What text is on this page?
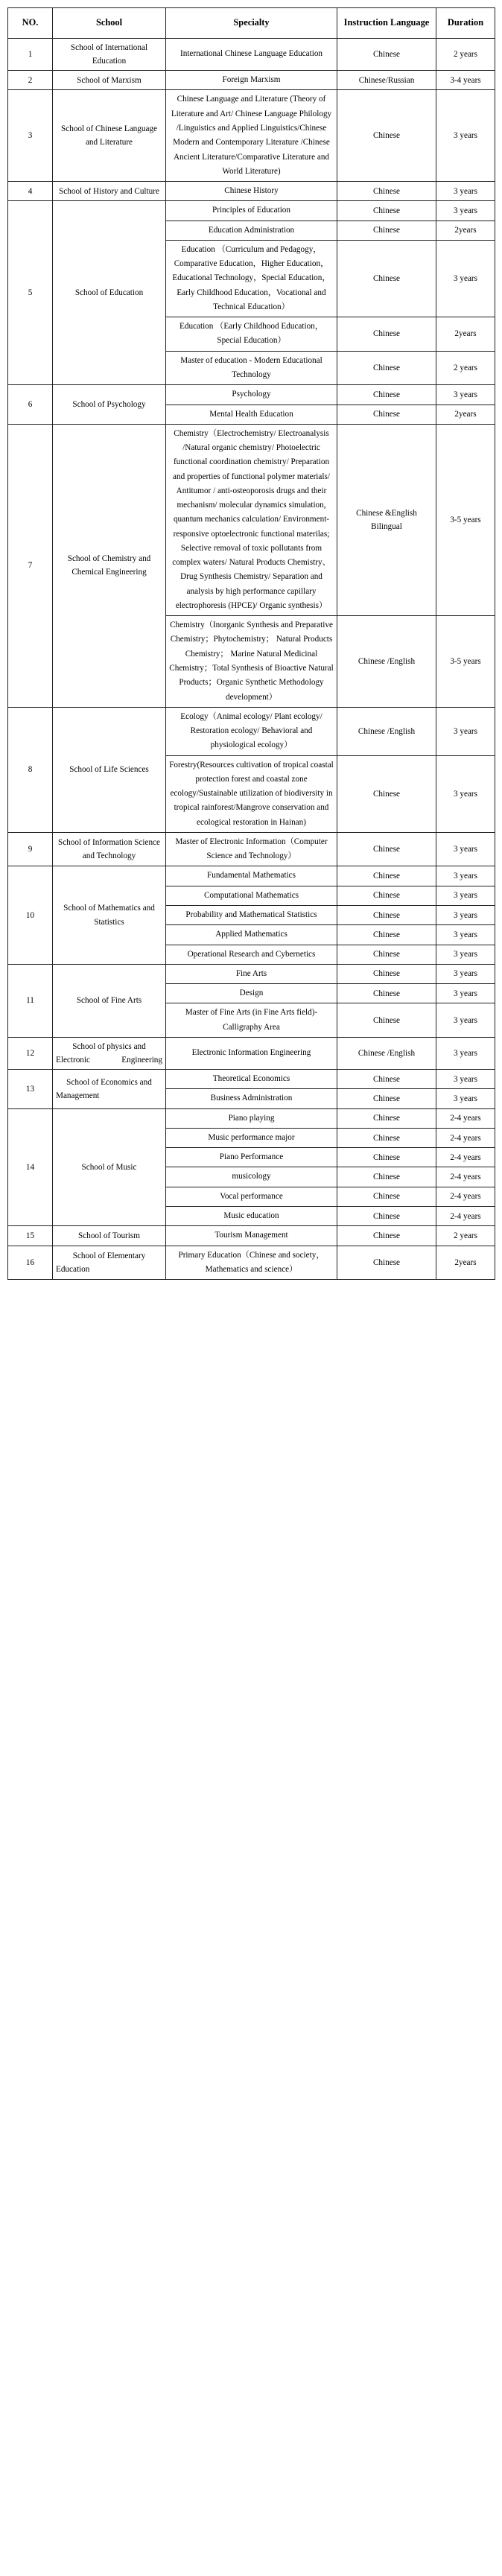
NO.	School	Specialty	Instruction Language	Duration
1	School of International Education	International Chinese Language Education	Chinese	2 years
2	School of Marxism	Foreign Marxism	Chinese/Russian	3-4 years
3	School of Chinese Language and Literature	Chinese Language and Literature (Theory of Literature and Art/ Chinese Language Philology /Linguistics and Applied Linguistics/Chinese Modern and Contemporary Literature /Chinese Ancient Literature/Comparative Literature and World Literature)	Chinese	3 years
4	School of History and Culture	Chinese History	Chinese	3 years
5	School of Education	Principles of Education	Chinese	3 years
		Education Administration	Chinese	2years
		Education （Curriculum and Pedagogy，Comparative Education，Higher Education，Educational Technology，Special Education，Early Childhood Education，Vocational and Technical Education）	Chinese	3 years
		Education （Early Childhood Education，Special Education）	Chinese	2years
		Master of education - Modern Educational Technology	Chinese	2 years
6	School of Psychology	Psychology	Chinese	3 years
		Mental Health Education	Chinese	2years
7	School of Chemistry and Chemical Engineering	Chemistry（Electrochemistry/ Electroanalysis /Natural organic chemistry/ Photoelectric functional coordination chemistry/ Preparation and properties of functional polymer materials/ Antitumor / anti-osteoporosis drugs and their mechanism/ molecular dynamics simulation, quantum mechanics calculation/ Environment-responsive optoelectronic functional materilas; Selective removal of toxic pollutants from complex waters/ Natural Products Chemistry、Drug Synthesis Chemistry/ Separation and analysis by high performance capillary electrophoresis (HPCE)/ Organic synthesis）	Chinese &English Bilingual	3-5 years
		Chemistry（Inorganic Synthesis and Preparative Chemistry；Phytochemistry； Natural Products Chemistry； Marine Natural Medicinal Chemistry；Total Synthesis of Bioactive Natural Products；Organic Synthetic Methodology development）	Chinese /English	3-5 years
8	School of Life Sciences	Ecology（Animal ecology/ Plant ecology/ Restoration ecology/ Behavioral and physiological ecology）	Chinese /English	3 years
		Forestry(Resources cultivation of tropical coastal protection forest and coastal zone ecology/Sustainable utilization of biodiversity in tropical rainforest/Mangrove conservation and ecological restoration in Hainan)	Chinese	3 years
9	School of Information Science and Technology	Master of Electronic Information（Computer Science and Technology）	Chinese	3 years
10	School of Mathematics and Statistics	Fundamental Mathematics	Chinese	3 years
		Computational Mathematics	Chinese	3 years
		Probability and Mathematical Statistics	Chinese	3 years
		Applied Mathematics	Chinese	3 years
		Operational Research and Cybernetics	Chinese	3 years
11	School of Fine Arts	Fine Arts	Chinese	3 years
		Design	Chinese	3 years
		Master of Fine Arts (in Fine Arts field)- Calligraphy Area	Chinese	3 years
12	School of physics and Electronic Engineering	Electronic Information Engineering	Chinese /English	3 years
13	School of Economics and Management	Theoretical Economics	Chinese	3 years
		Business Administration	Chinese	3 years
14	School of Music	Piano playing	Chinese	2-4 years
		Music performance major	Chinese	2-4 years
		Piano Performance	Chinese	2-4 years
		musicology	Chinese	2-4 years
		Vocal performance	Chinese	2-4 years
		Music education	Chinese	2-4 years
15	School of Tourism	Tourism Management	Chinese	2 years
16	School of Elementary Education	Primary Education（Chinese and society，Mathematics and science）	Chinese	2years
